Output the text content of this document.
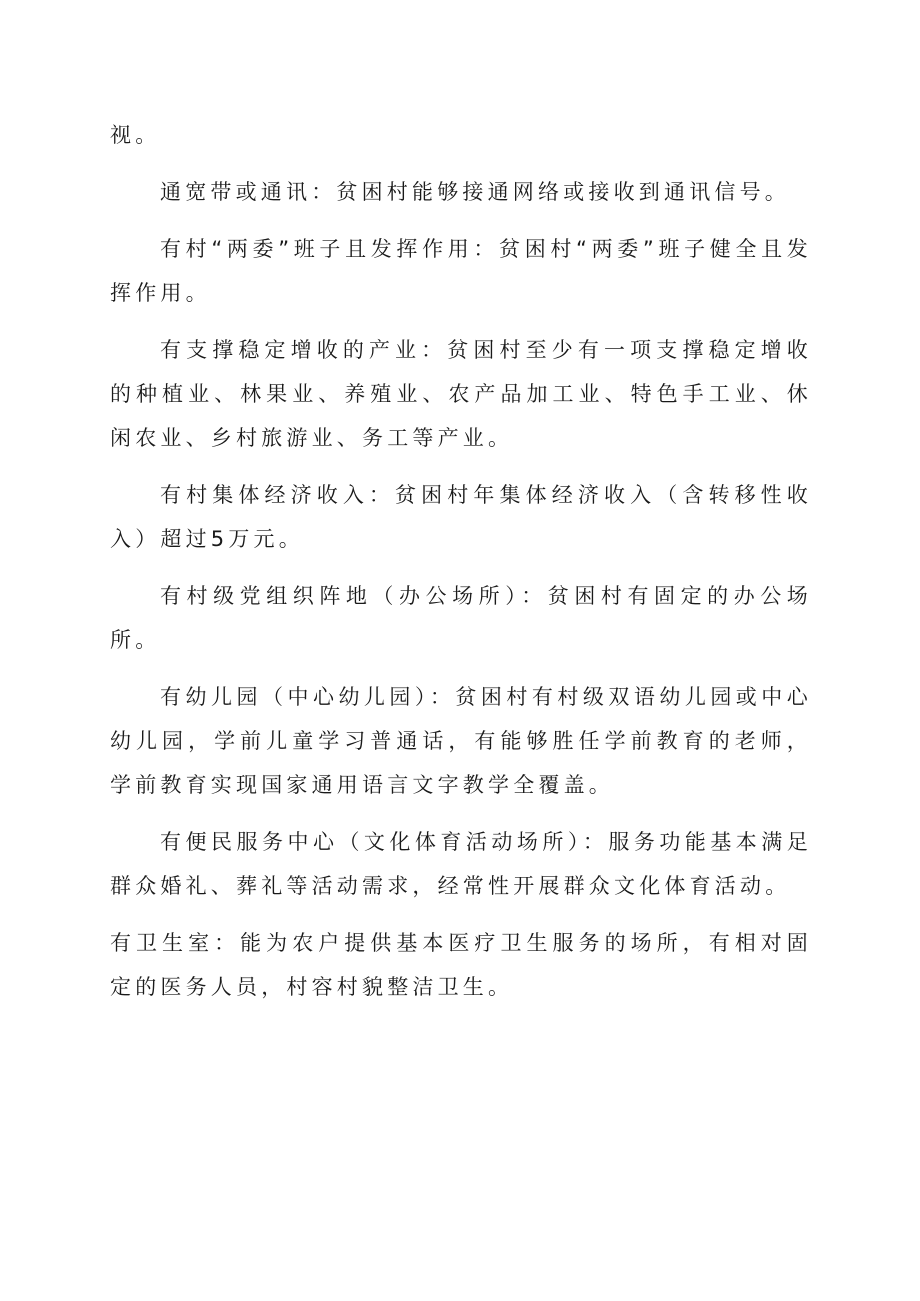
视。

通宽带或通讯：贫困村能够接通网络或接收到通讯信号。

有村“两委”班子且发挥作用：贫困村“两委”班子健全且发挥作用。

有支撑稳定增收的产业：贫困村至少有一项支撑稳定增收的种植业、林果业、养殖业、农产品加工业、特色手工业、休闲农业、乡村旅游业、务工等产业。

有村集体经济收入：贫困村年集体经济收入（含转移性收入）超过5万元。

有村级党组织阵地（办公场所）：贫困村有固定的办公场所。

有幼儿园（中心幼儿园）：贫困村有村级双语幼儿园或中心幼儿园，学前儿童学习普通话，有能够胜任学前教育的老师，学前教育实现国家通用语言文字教学全覆盖。

有便民服务中心（文化体育活动场所）：服务功能基本满足群众婚礼、葬礼等活动需求，经常性开展群众文化体育活动。

有卫生室：能为农户提供基本医疗卫生服务的场所，有相对固定的医务人员，村容村貌整洁卫生。
